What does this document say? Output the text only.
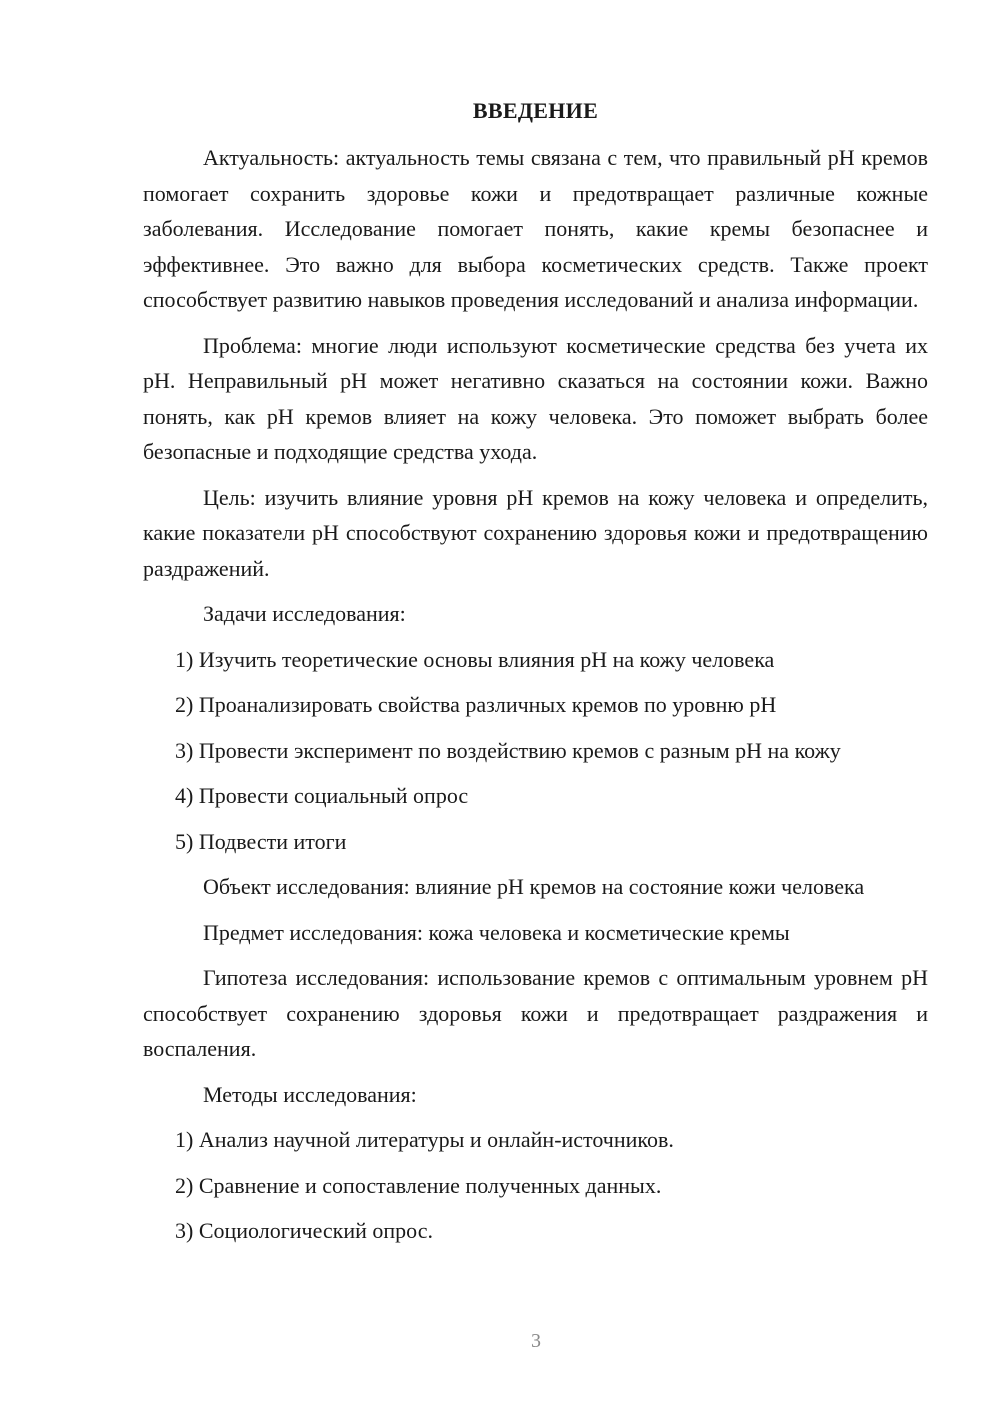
ВВЕДЕНИЕ

Актуальность: актуальность темы связана с тем, что правильный pH кремов помогает сохранить здоровье кожи и предотвращает различные кожные заболевания. Исследование помогает понять, какие кремы безопаснее и эффективнее. Это важно для выбора косметических средств. Также проект способствует развитию навыков проведения исследований и анализа информации.

Проблема: многие люди используют косметические средства без учета их pH. Неправильный pH может негативно сказаться на состоянии кожи. Важно понять, как pH кремов влияет на кожу человека. Это поможет выбрать более безопасные и подходящие средства ухода.

Цель: изучить влияние уровня pH кремов на кожу человека и определить, какие показатели pH способствуют сохранению здоровья кожи и предотвращению раздражений.

Задачи исследования:

1) Изучить теоретические основы влияния pH на кожу человека
2) Проанализировать свойства различных кремов по уровню pH
3) Провести эксперимент по воздействию кремов с разным pH на кожу
4) Провести социальный опрос
5) Подвести итоги

Объект исследования: влияние pH кремов на состояние кожи человека

Предмет исследования: кожа человека и косметические кремы

Гипотеза исследования: использование кремов с оптимальным уровнем pH способствует сохранению здоровья кожи и предотвращает раздражения и воспаления.

Методы исследования:

1) Анализ научной литературы и онлайн-источников.
2) Сравнение и сопоставление полученных данных.
3) Социологический опрос.
3
